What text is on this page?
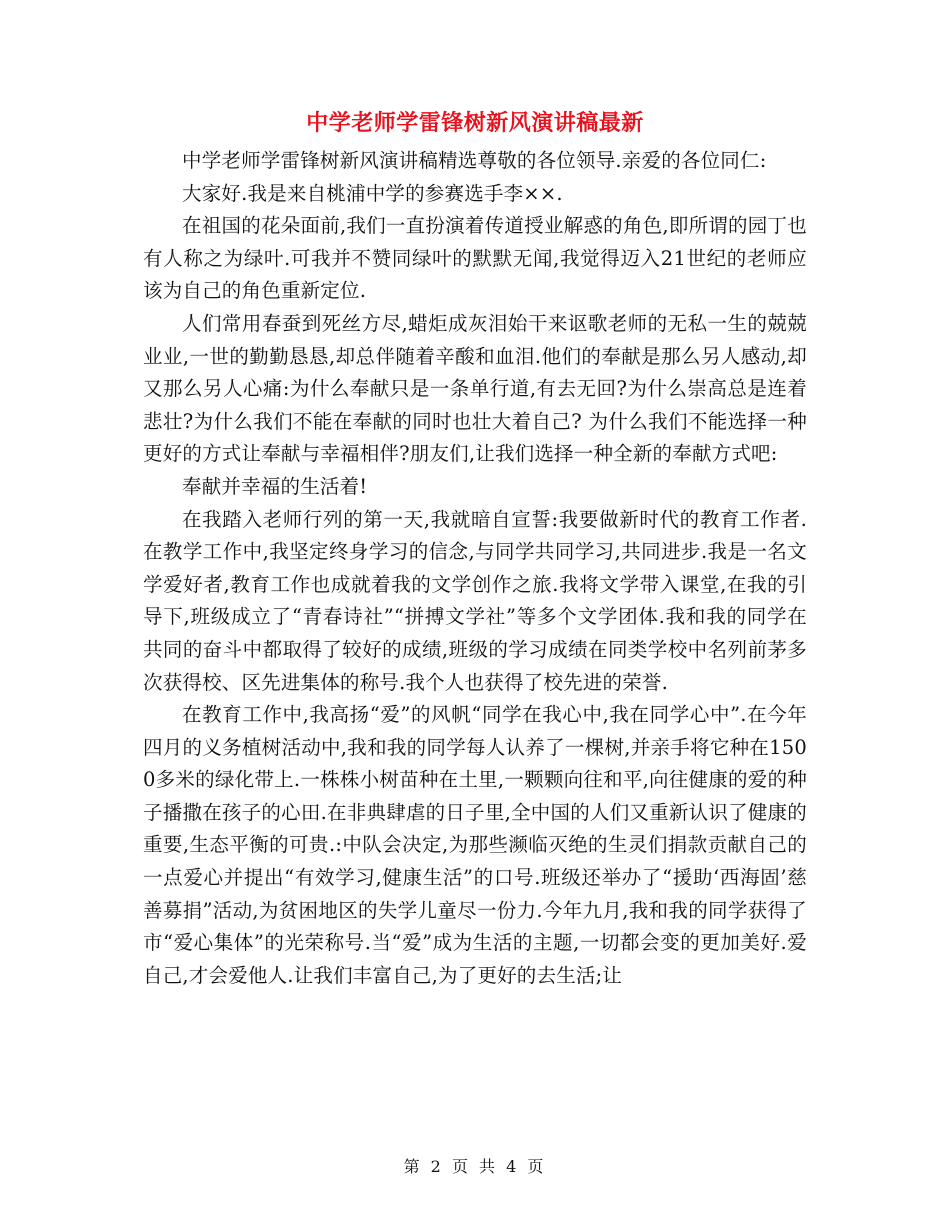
中学老师学雷锋树新风演讲稿最新

中学老师学雷锋树新风演讲稿精选尊敬的各位领导.亲爱的各位同仁:

大家好.我是来自桃浦中学的参赛选手李××.

在祖国的花朵面前,我们一直扮演着传道授业解惑的角色,即所谓的园丁也有人称之为绿叶.可我并不赞同绿叶的默默无闻,我觉得迈入21世纪的老师应该为自己的角色重新定位.

人们常用春蚕到死丝方尽,蜡炬成灰泪始干来讴歌老师的无私一生的兢兢业业,一世的勤勤恳恳,却总伴随着辛酸和血泪.他们的奉献是那么另人感动,却又那么另人心痛:为什么奉献只是一条单行道,有去无回?为什么崇高总是连着悲壮?为什么我们不能在奉献的同时也壮大着自己? 为什么我们不能选择一种更好的方式让奉献与幸福相伴?朋友们,让我们选择一种全新的奉献方式吧:

奉献并幸福的生活着!

在我踏入老师行列的第一天,我就暗自宣誓:我要做新时代的教育工作者.在教学工作中,我坚定终身学习的信念,与同学共同学习,共同进步.我是一名文学爱好者,教育工作也成就着我的文学创作之旅.我将文学带入课堂,在我的引导下,班级成立了“青春诗社”“拼搏文学社”等多个文学团体.我和我的同学在共同的奋斗中都取得了较好的成绩,班级的学习成绩在同类学校中名列前茅多次获得校、区先进集体的称号.我个人也获得了校先进的荣誉.

在教育工作中,我高扬“爱”的风帆“同学在我心中,我在同学心中”.在今年四月的义务植树活动中,我和我的同学每人认养了一棵树,并亲手将它种在1500多米的绿化带上.一株株小树苗种在土里,一颗颗向往和平,向往健康的爱的种子播撒在孩子的心田.在非典肆虐的日子里,全中国的人们又重新认识了健康的重要,生态平衡的可贵.:中队会决定,为那些濒临灭绝的生灵们捐款贡献自己的一点爱心并提出“有效学习,健康生活”的口号.班级还举办了“援助‘西海固’慈善募捐”活动,为贫困地区的失学儿童尽一份力.今年九月,我和我的同学获得了市“爱心集体”的光荣称号.当“爱”成为生活的主题,一切都会变的更加美好.爱自己,才会爱他人.让我们丰富自己,为了更好的去生活;让

第 2 页 共 4 页
